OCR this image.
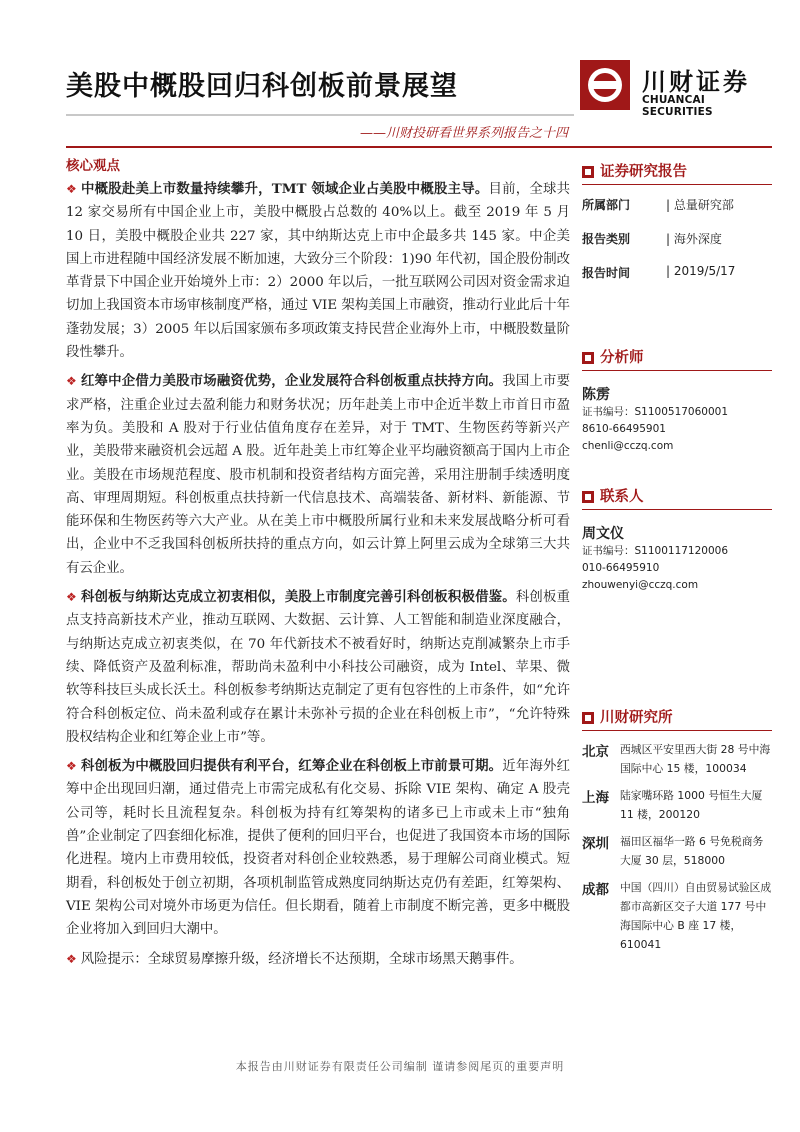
美股中概股回归科创板前景展望	川财证券
CHUANCAI SECURITIES
——川财投研看世界系列报告之十四
核心观点

❖ 中概股赴美上市数量持续攀升，TMT 领域企业占美股中概股主导。目前，全球共 12 家交易所有中国企业上市，美股中概股占总数的 40%以上。截至 2019 年 5 月 10 日，美股中概股企业共 227 家，其中纳斯达克上市中企最多共 145 家。中企美国上市进程随中国经济发展不断加速，大致分三个阶段：1)90 年代初，国企股份制改革背景下中国企业开始境外上市：2）2000 年以后，一批互联网公司因对资金需求迫切加上我国资本市场审核制度严格，通过 VIE 架构美国上市融资，推动行业此后十年蓬勃发展；3）2005 年以后国家颁布多项政策支持民营企业海外上市，中概股数量阶段性攀升。

❖ 红筹中企借力美股市场融资优势，企业发展符合科创板重点扶持方向。我国上市要求严格，注重企业过去盈利能力和财务状况；历年赴美上市中企近半数上市首日市盈率为负。美股和 A 股对于行业估值角度存在差异，对于 TMT、生物医药等新兴产业，美股带来融资机会远超 A 股。近年赴美上市红筹企业平均融资额高于国内上市企业。美股在市场规范程度、股市机制和投资者结构方面完善，采用注册制手续透明度高、审理周期短。科创板重点扶持新一代信息技术、高端装备、新材料、新能源、节能环保和生物医药等六大产业。从在美上市中概股所属行业和未来发展战略分析可看出，企业中不乏我国科创板所扶持的重点方向，如云计算上阿里云成为全球第三大共有云企业。

❖ 科创板与纳斯达克成立初衷相似，美股上市制度完善引科创板积极借鉴。科创板重点支持高新技术产业，推动互联网、大数据、云计算、人工智能和制造业深度融合，与纳斯达克成立初衷类似，在 70 年代新技术不被看好时，纳斯达克削减繁杂上市手续、降低资产及盈利标准，帮助尚未盈利中小科技公司融资，成为 Intel、苹果、微软等科技巨头成长沃土。科创板参考纳斯达克制定了更有包容性的上市条件，如“允许符合科创板定位、尚未盈利或存在累计未弥补亏损的企业在科创板上市”，“允许特殊股权结构企业和红筹企业上市”等。

❖ 科创板为中概股回归提供有利平台，红筹企业在科创板上市前景可期。近年海外红筹中企出现回归潮，通过借壳上市需完成私有化交易、拆除 VIE 架构、确定 A 股壳公司等，耗时长且流程复杂。科创板为持有红筹架构的诸多已上市或未上市“独角兽”企业制定了四套细化标准，提供了便利的回归平台，也促进了我国资本市场的国际化进程。境内上市费用较低，投资者对科创企业较熟悉，易于理解公司商业模式。短期看，科创板处于创立初期，各项机制监管成熟度同纳斯达克仍有差距，红筹架构、VIE 架构公司对境外市场更为信任。但长期看，随着上市制度不断完善，更多中概股企业将加入到回归大潮中。

❖ 风险提示：全球贸易摩擦升级，经济增长不达预期，全球市场黑天鹅事件。

证券研究报告
所属部门	| 总量研究部
报告类别	| 海外深度
报告时间	| 2019/5/17
分析师
陈雳
证书编号：S1100517060001
8610-66495901
chenli@cczq.com
联系人
周文仪
证书编号：S1100117120006
010-66495910
zhouwenyi@cczq.com
川财研究所
北京 西城区平安里西大街 28 号中海国际中心 15 楼，100034
上海 陆家嘴环路 1000 号恒生大厦 11 楼，200120
深圳 福田区福华一路 6 号免税商务大厦 30 层，518000
成都 中国（四川）自由贸易试验区成都市高新区交子大道 177 号中海国际中心 B 座 17 楼，610041
本报告由川财证券有限责任公司编制 谨请参阅尾页的重要声明
